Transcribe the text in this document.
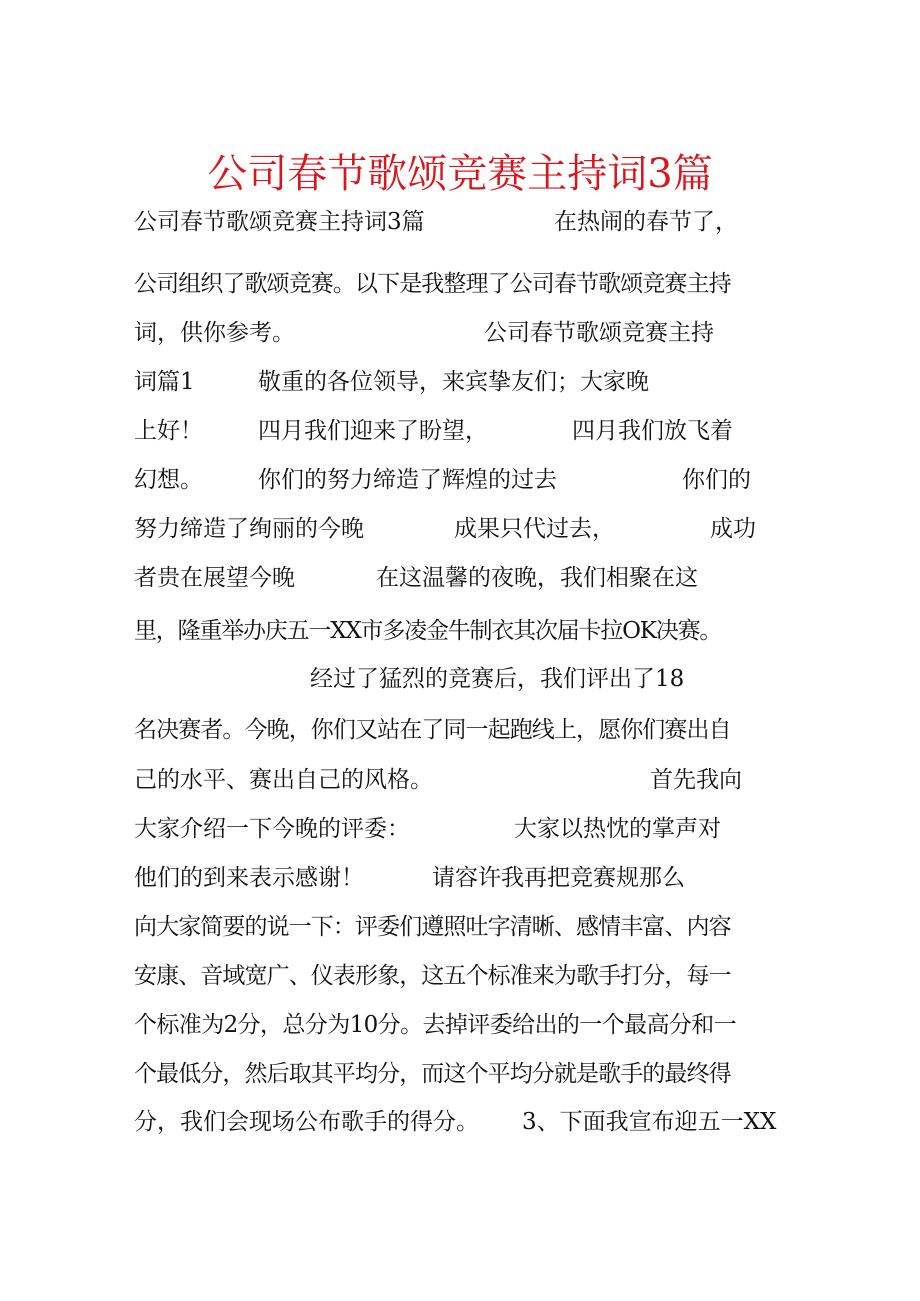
公司春节歌颂竞赛主持词3篇
公司春节歌颂竞赛主持词3篇	在热闹的春节了，
公司组织了歌颂竞赛。以下是我整理了公司春节歌颂竞赛主持
词，供你参考。	公司春节歌颂竞赛主持
词篇1	敬重的各位领导，来宾挚友们；大家晚
上好！ 四月我们迎来了盼望，	四月我们放飞着
幻想。 你们的努力缔造了辉煌的过去	你们的
努力缔造了绚丽的今晚	成果只代过去，	成功
者贵在展望今晚	在这温馨的夜晚，我们相聚在这
里，隆重举办庆五一XX市多凌金牛制衣其次届卡拉OK决赛。
经过了猛烈的竞赛后，我们评出了18
名决赛者。今晚，你们又站在了同一起跑线上，愿你们赛出自
己的水平、赛出自己的风格。	首先我向
大家介绍一下今晚的评委：	大家以热忱的掌声对
他们的到来表示感谢！	请容许我再把竞赛规那么
向大家简要的说一下：评委们遵照吐字清晰、感情丰富、内容
安康、音域宽广、仪表形象，这五个标准来为歌手打分，每一
个标准为2分，总分为10分。去掉评委给出的一个最高分和一
个最低分，然后取其平均分，而这个平均分就是歌手的最终得
分，我们会现场公布歌手的得分。 3、下面我宣布迎五一XX
